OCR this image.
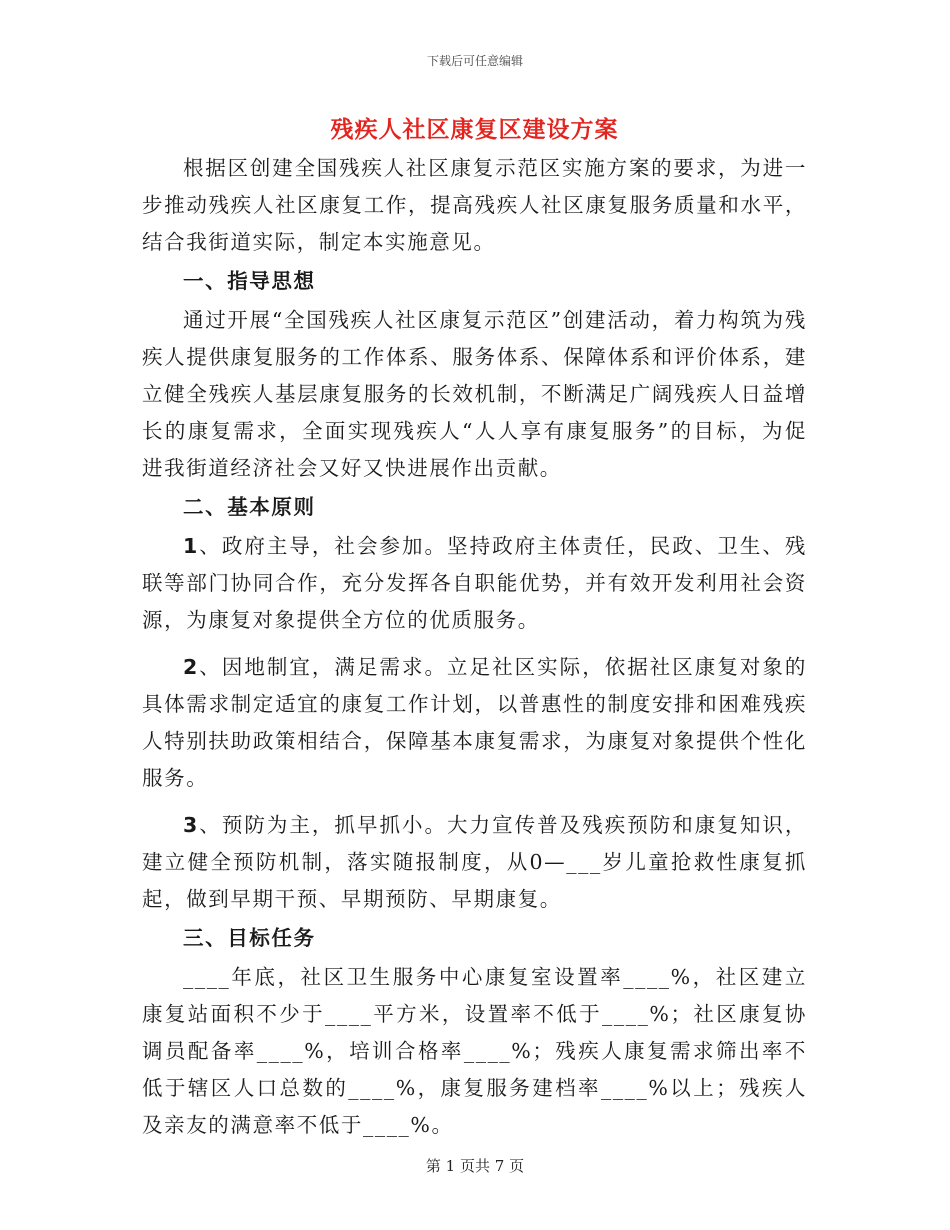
下载后可任意编辑
残疾人社区康复区建设方案

根据区创建全国残疾人社区康复示范区实施方案的要求，为进一步推动残疾人社区康复工作，提高残疾人社区康复服务质量和水平，结合我街道实际，制定本实施意见。

一、指导思想

通过开展“全国残疾人社区康复示范区”创建活动，着力构筑为残疾人提供康复服务的工作体系、服务体系、保障体系和评价体系，建立健全残疾人基层康复服务的长效机制，不断满足广阔残疾人日益增长的康复需求，全面实现残疾人“人人享有康复服务”的目标，为促进我街道经济社会又好又快进展作出贡献。

二、基本原则

1、政府主导，社会参加。坚持政府主体责任，民政、卫生、残联等部门协同合作，充分发挥各自职能优势，并有效开发利用社会资源，为康复对象提供全方位的优质服务。

2、因地制宜，满足需求。立足社区实际，依据社区康复对象的具体需求制定适宜的康复工作计划，以普惠性的制度安排和困难残疾人特别扶助政策相结合，保障基本康复需求，为康复对象提供个性化服务。

3、预防为主，抓早抓小。大力宣传普及残疾预防和康复知识，建立健全预防机制，落实随报制度，从0—___岁儿童抢救性康复抓起，做到早期干预、早期预防、早期康复。

三、目标任务

____年底，社区卫生服务中心康复室设置率____%，社区建立康复站面积不少于____平方米，设置率不低于____%；社区康复协调员配备率____%，培训合格率____%；残疾人康复需求筛出率不低于辖区人口总数的____%，康复服务建档率____%以上；残疾人及亲友的满意率不低于____%。

第 1 页共 7 页
